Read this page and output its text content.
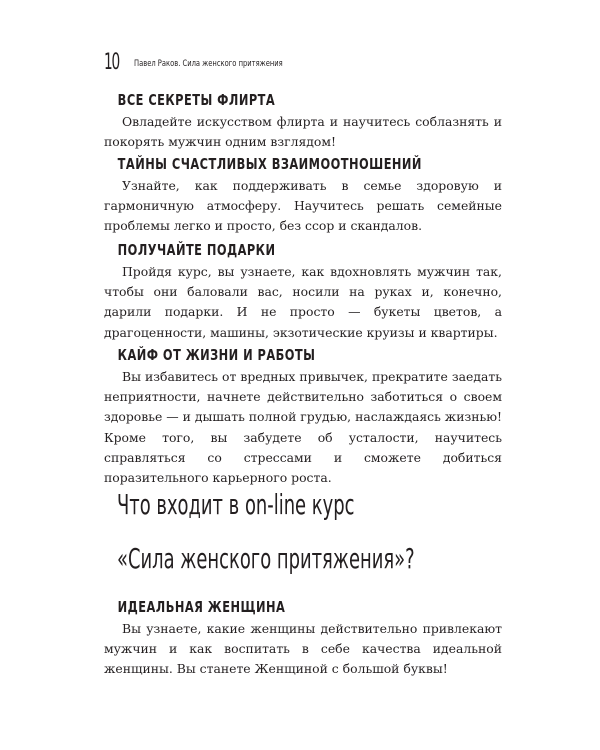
10 Павел Раков. Сила женского притяжения
ВСЕ СЕКРЕТЫ ФЛИРТА

Овладейте искусством флирта и научитесь соблазнять и покорять мужчин одним взглядом!

ТАЙНЫ СЧАСТЛИВЫХ ВЗАИМООТНОШЕНИЙ

Узнайте, как поддерживать в семье здоровую и гармоничную атмосферу. Научитесь решать семейные проблемы легко и просто, без ссор и скандалов.

ПОЛУЧАЙТЕ ПОДАРКИ

Пройдя курс, вы узнаете, как вдохновлять мужчин так, чтобы они баловали вас, носили на руках и, конечно, дарили подарки. И не просто — букеты цветов, а драгоценности, машины, экзотические круизы и квартиры.

КАЙФ ОТ ЖИЗНИ И РАБОТЫ

Вы избавитесь от вредных привычек, прекратите заедать неприятности, начнете действительно заботиться о своем здоровье — и дышать полной грудью, наслаждаясь жизнью! Кроме того, вы забудете об усталости, научитесь справляться со стрессами и сможете добиться поразительного карьерного роста.

Что входит в on-line курс
«Сила женского притяжения»?
ИДЕАЛЬНАЯ ЖЕНЩИНА

Вы узнаете, какие женщины действительно привлекают мужчин и как воспитать в себе качества идеальной женщины. Вы станете Женщиной с большой буквы!
